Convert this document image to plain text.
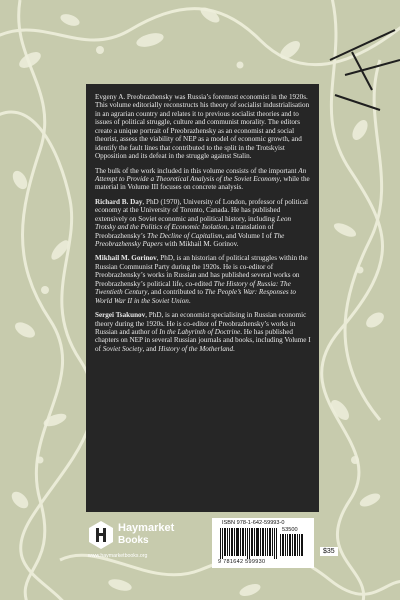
Evgeny A. Preobrazhensky was Russia’s foremost economist in the 1920s. This volume editorially reconstructs his theory of socialist industrialisation in an agrarian country and relates it to previous socialist theories and to issues of political struggle, culture and communist morality. The editors create a unique portrait of Preobrazhensky as an economist and social theorist, assess the viability of NEP as a model of economic growth, and identify the fault lines that contributed to the split in the Trotskyist Opposition and its defeat in the struggle against Stalin.

The bulk of the work included in this volume consists of the important An Attempt to Provide a Theoretical Analysis of the Soviet Economy, while the material in Volume III focuses on concrete analysis.

Richard B. Day, PhD (1970), University of London, professor of political economy at the University of Toronto, Canada. He has published extensively on Soviet economic and political history, including Leon Trotsky and the Politics of Economic Isolation, a translation of Preobrazhensky’s The Decline of Capitalism, and Volume I of The Preobrazhensky Papers with Mikhail M. Gorinov.

Mikhail M. Gorinov, PhD, is an historian of political struggles within the Russian Communist Party during the 1920s. He is co-editor of Preobrazhensky’s works in Russian and has published several works on Preobrazhensky’s political life, co-edited The History of Russia: The Twentieth Century, and contributed to The People’s War: Responses to World War II in the Soviet Union.

Sergei Tsakunov, PhD, is an economist specialising in Russian economic theory during the 1920s. He is co-editor of Preobrazhensky’s works in Russian and author of In the Labyrinth of Doctrine. He has published chapters on NEP in several Russian journals and books, including Volume I of Soviet Society, and History of the Motherland.

Haymarket
Books
www.haymarketbooks.org
ISBN 978-1-642-59993-0
53500
9 781642 599930
$35
